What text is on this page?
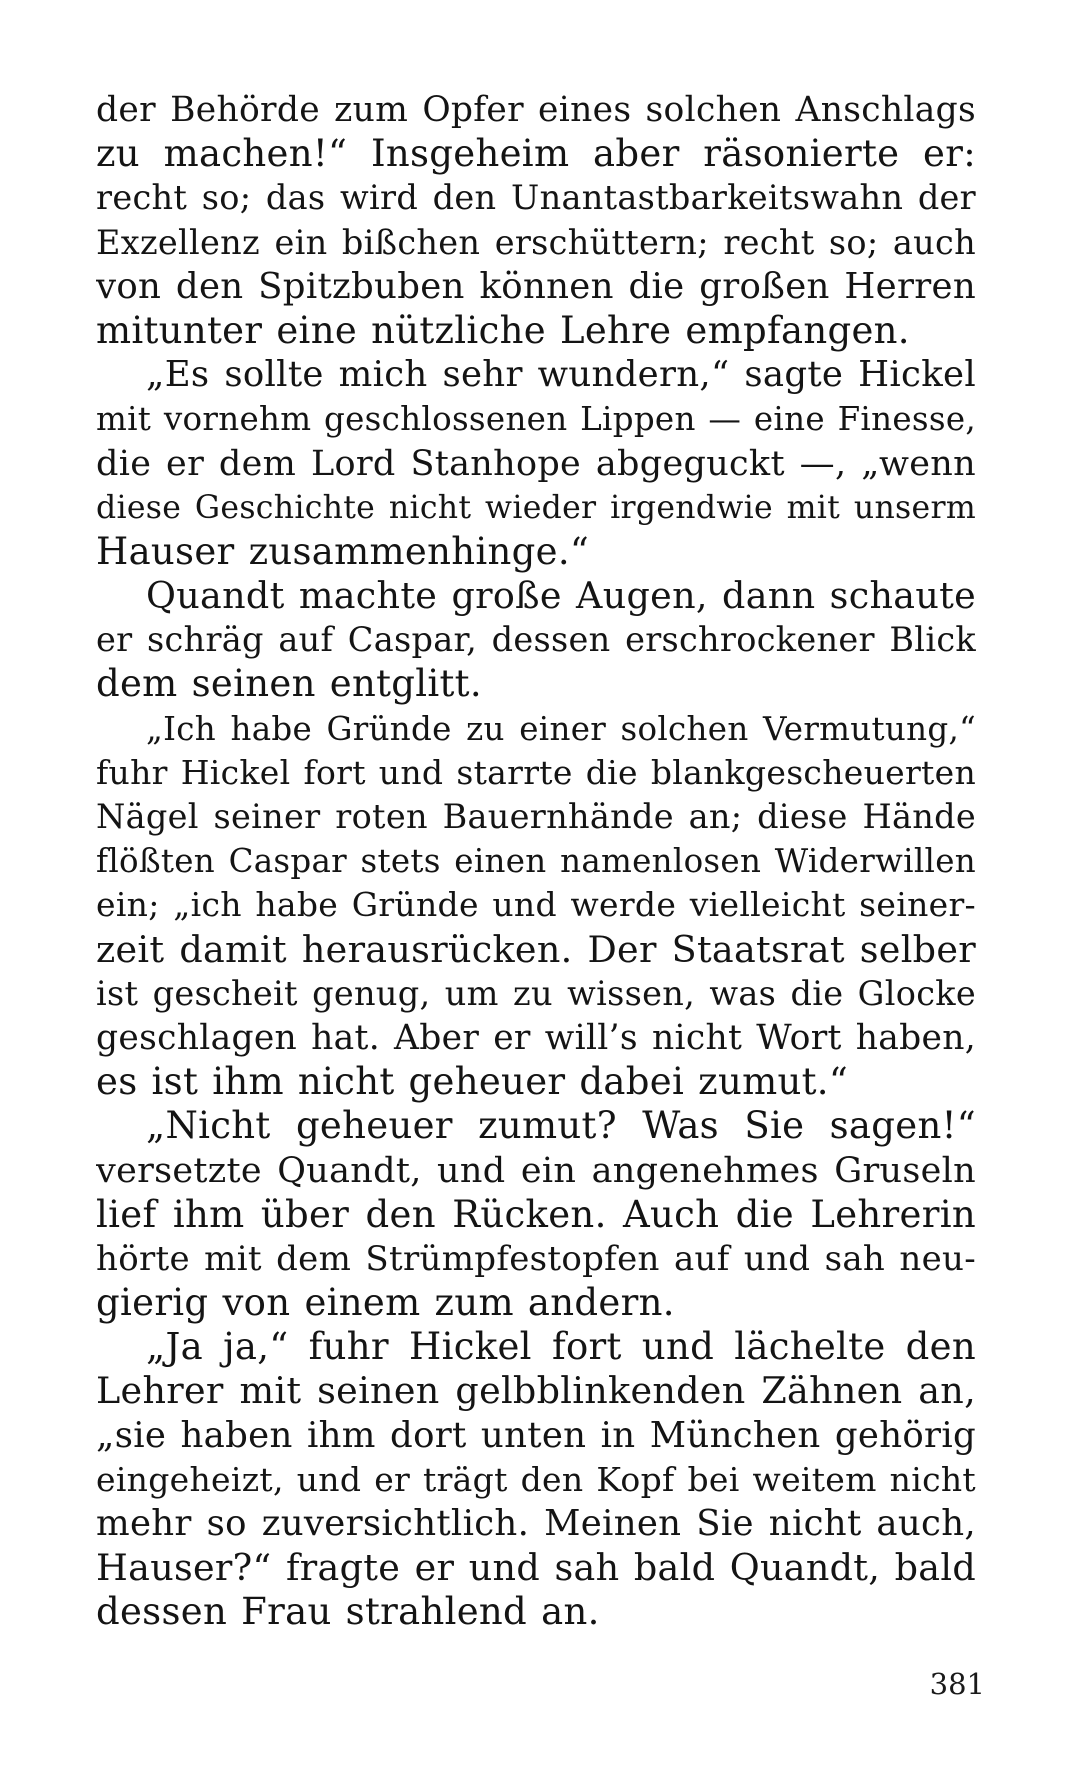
der Behörde zum Opfer eines solchen Anschlags
zu machen!“ Insgeheim aber räsonierte er:
recht so; das wird den Unantastbarkeitswahn der
Exzellenz ein bißchen erschüttern; recht so; auch
von den Spitzbuben können die großen Herren
mitunter eine nützliche Lehre empfangen.
„Es sollte mich sehr wundern,“ sagte Hickel
mit vornehm geschlossenen Lippen — eine Finesse,
die er dem Lord Stanhope abgeguckt —, „wenn
diese Geschichte nicht wieder irgendwie mit unserm
Hauser zusammenhinge.“
Quandt machte große Augen, dann schaute
er schräg auf Caspar, dessen erschrockener Blick
dem seinen entglitt.
„Ich habe Gründe zu einer solchen Vermutung,“
fuhr Hickel fort und starrte die blankgescheuerten
Nägel seiner roten Bauernhände an; diese Hände
flößten Caspar stets einen namenlosen Widerwillen
ein; „ich habe Gründe und werde vielleicht seiner-
zeit damit herausrücken. Der Staatsrat selber
ist gescheit genug, um zu wissen, was die Glocke
geschlagen hat. Aber er will’s nicht Wort haben,
es ist ihm nicht geheuer dabei zumut.“
„Nicht geheuer zumut? Was Sie sagen!“
versetzte Quandt, und ein angenehmes Gruseln
lief ihm über den Rücken. Auch die Lehrerin
hörte mit dem Strümpfestopfen auf und sah neu-
gierig von einem zum andern.
„Ja ja,“ fuhr Hickel fort und lächelte den
Lehrer mit seinen gelbblinkenden Zähnen an,
„sie haben ihm dort unten in München gehörig
eingeheizt, und er trägt den Kopf bei weitem nicht
mehr so zuversichtlich. Meinen Sie nicht auch,
Hauser?“ fragte er und sah bald Quandt, bald
dessen Frau strahlend an.
381
